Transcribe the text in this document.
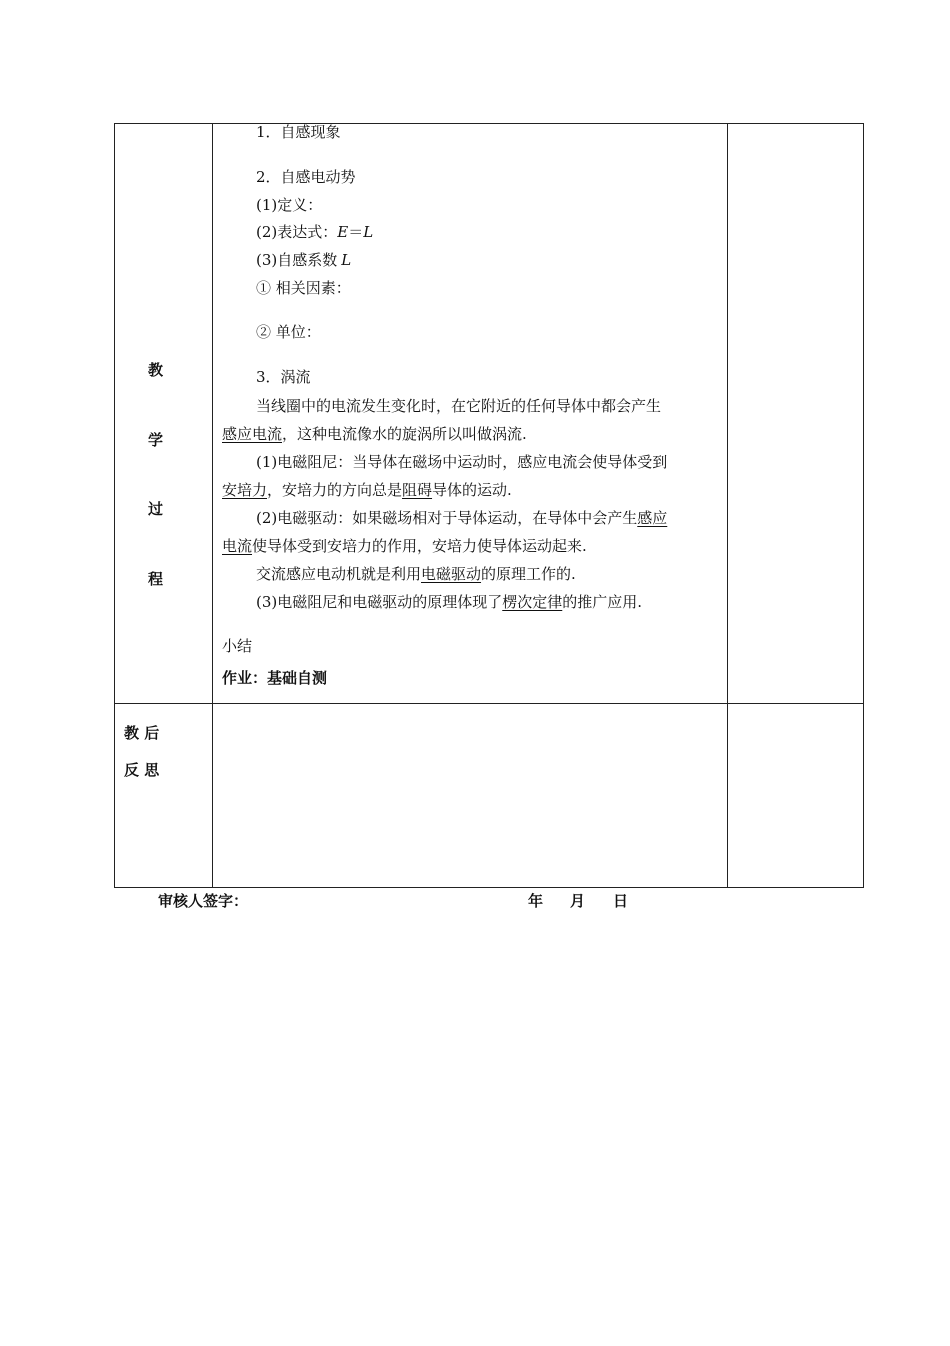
教
学
过
程
教 后
反 思
1．自感现象
2．自感电动势
(1)定义：
(2)表达式：E＝L
(3)自感系数 L
① 相关因素：
② 单位：
3．涡流
当线圈中的电流发生变化时，在它附近的任何导体中都会产生
感应电流，这种电流像水的旋涡所以叫做涡流.
(1)电磁阻尼：当导体在磁场中运动时，感应电流会使导体受到
安培力，安培力的方向总是阻碍导体的运动.
(2)电磁驱动：如果磁场相对于导体运动，在导体中会产生感应
电流使导体受到安培力的作用，安培力使导体运动起来.
交流感应电动机就是利用电磁驱动的原理工作的.
(3)电磁阻尼和电磁驱动的原理体现了楞次定律的推广应用.
小结
作业：基础自测
审核人签字：	年 月 日
